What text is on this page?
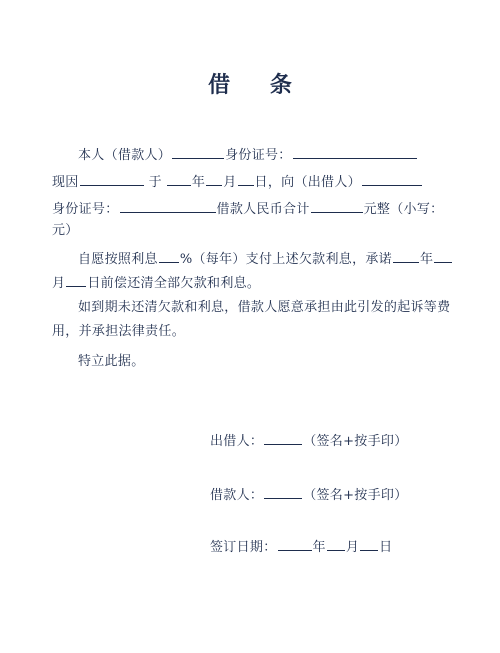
借 条
本人（借款人）	身份证号：
现因	于 年 月 日，向（出借人）
身份证号：	借款人民币合计	元整（小写：
元）
自愿按照利息 %（每年）支付上述欠款利息，承诺 年
月 日前偿还清全部欠款和利息。
如到期未还清欠款和利息，借款人愿意承担由此引发的起诉等费
用，并承担法律责任。
特立此据。
出借人：	（签名+按手印）
借款人：	（签名+按手印）
签订日期：	年 月 日
